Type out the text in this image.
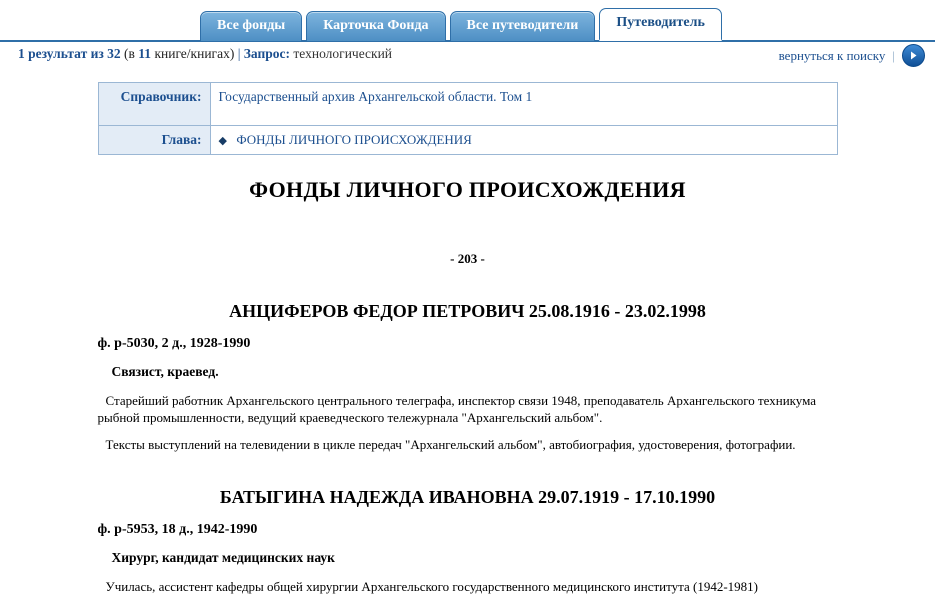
Все фонды	Карточка Фонда	Все путеводители	Путеводитель
1 результат из 32 (в 11 книге/книгах) | Запрос: технологический	вернуться к поиску |
Справочник:	Государственный архив Архангельской области. Том 1
Глава:	◆ ФОНДЫ ЛИЧНОГО ПРОИСХОЖДЕНИЯ
ФОНДЫ ЛИЧНОГО ПРОИСХОЖДЕНИЯ
- 203 -
АНЦИФЕРОВ ФЕДОР ПЕТРОВИЧ 25.08.1916 - 23.02.1998
ф. р-5030, 2 д., 1928-1990
Связист, краевед.

Старейший работник Архангельского центрального телеграфа, инспектор связи 1948, преподаватель Архангельского техникума рыбной промышленности, ведущий краеведческого тележурнала "Архангельский альбом".

Тексты выступлений на телевидении в цикле передач "Архангельский альбом", автобиография, удостоверения, фотографии.

БАТЫГИНА НАДЕЖДА ИВАНОВНА 29.07.1919 - 17.10.1990
ф. р-5953, 18 д., 1942-1990
Хирург, кандидат медицинских наук

Училась, ассистент кафедры общей хирургии Архангельского государственного медицинского института (1942-1981)
